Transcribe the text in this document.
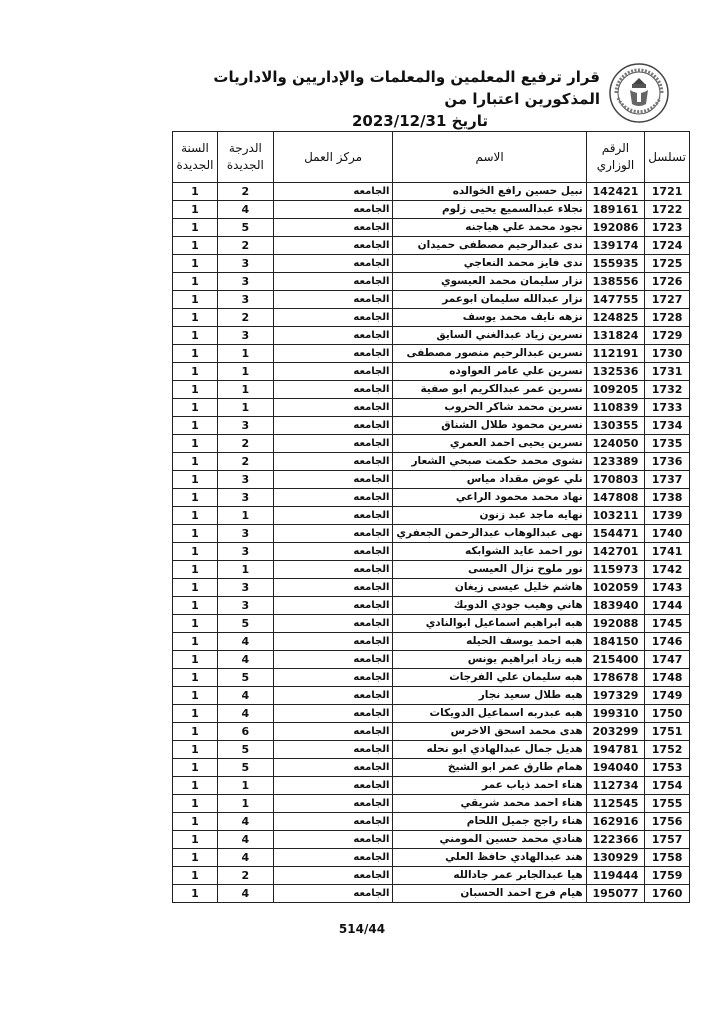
قرار ترفيع المعلمين والمعلمات والإداريين والاداريات المذكورين اعتبارا من

تاريخ 2023/12/31
تسلسل	الرقم الوزاري	الاسم	مركز العمل	الدرجة الجديدة	السنة الجديدة
1721	142421	نبيل حسين رافع الخوالده	الجامعه	2	1
1722	189161	نجلاء عبدالسميع يحيى زلوم	الجامعه	4	1
1723	192086	نجود محمد علي هياجنه	الجامعه	5	1
1724	139174	ندى عبدالرحيم مصطفى حميدان	الجامعه	2	1
1725	155935	ندى فايز محمد النعاجي	الجامعه	3	1
1726	138556	نزار سليمان محمد العيسوي	الجامعه	3	1
1727	147755	نزار عبدالله سليمان ابوعمر	الجامعه	3	1
1728	124825	نزهه نايف محمد يوسف	الجامعه	2	1
1729	131824	نسرين زياد عبدالغني السايق	الجامعه	3	1
1730	112191	نسرين عبدالرحيم منصور مصطفى	الجامعه	1	1
1731	132536	نسرين علي عامر العواوده	الجامعه	1	1
1732	109205	نسرين عمر عبدالكريم ابو صفية	الجامعه	1	1
1733	110839	نسرين محمد شاكر الحروب	الجامعه	1	1
1734	130355	نسرين محمود طلال الشناق	الجامعه	3	1
1735	124050	نسرين يحيى احمد العمري	الجامعه	2	1
1736	123389	نشوى محمد حكمت صبحي الشعار	الجامعه	2	1
1737	170803	نلي عوض مقداد مياس	الجامعه	3	1
1738	147808	نهاد محمد محمود الراعي	الجامعه	3	1
1739	103211	نهايه ماجد عبد زنون	الجامعه	1	1
1740	154471	نهى عبدالوهاب عبدالرحمن الجعفري	الجامعه	3	1
1741	142701	نور احمد عايد الشوابكه	الجامعه	3	1
1742	115973	نور ملوح نزال العيسى	الجامعه	1	1
1743	102059	هاشم خليل عيسى زيغان	الجامعه	3	1
1744	183940	هاني وهيب جودي الدويك	الجامعه	3	1
1745	192088	هبه ابراهيم اسماعيل ابوالنادي	الجامعه	5	1
1746	184150	هبه احمد يوسف الحيله	الجامعه	4	1
1747	215400	هبه زياد ابراهيم يونس	الجامعه	4	1
1748	178678	هبه سليمان علي الفرجات	الجامعه	5	1
1749	197329	هبه طلال سعيد نجار	الجامعه	4	1
1750	199310	هبه عبدربه اسماعيل الدويكات	الجامعه	4	1
1751	203299	هدى محمد اسحق الاخرس	الجامعه	6	1
1752	194781	هديل جمال عبدالهادي ابو نحله	الجامعه	5	1
1753	194040	همام طارق عمر ابو الشيخ	الجامعه	5	1
1754	112734	هناء احمد ذياب عمر	الجامعه	1	1
1755	112545	هناء احمد محمد شريقي	الجامعه	1	1
1756	162916	هناء راجح جميل اللحام	الجامعه	4	1
1757	122366	هنادي محمد حسين المومني	الجامعه	4	1
1758	130929	هند عبدالهادي حافظ العلي	الجامعه	4	1
1759	119444	هيا عبدالجابر عمر جادالله	الجامعه	2	1
1760	195077	هيام فرج احمد الحسبان	الجامعه	4	1
514/44
